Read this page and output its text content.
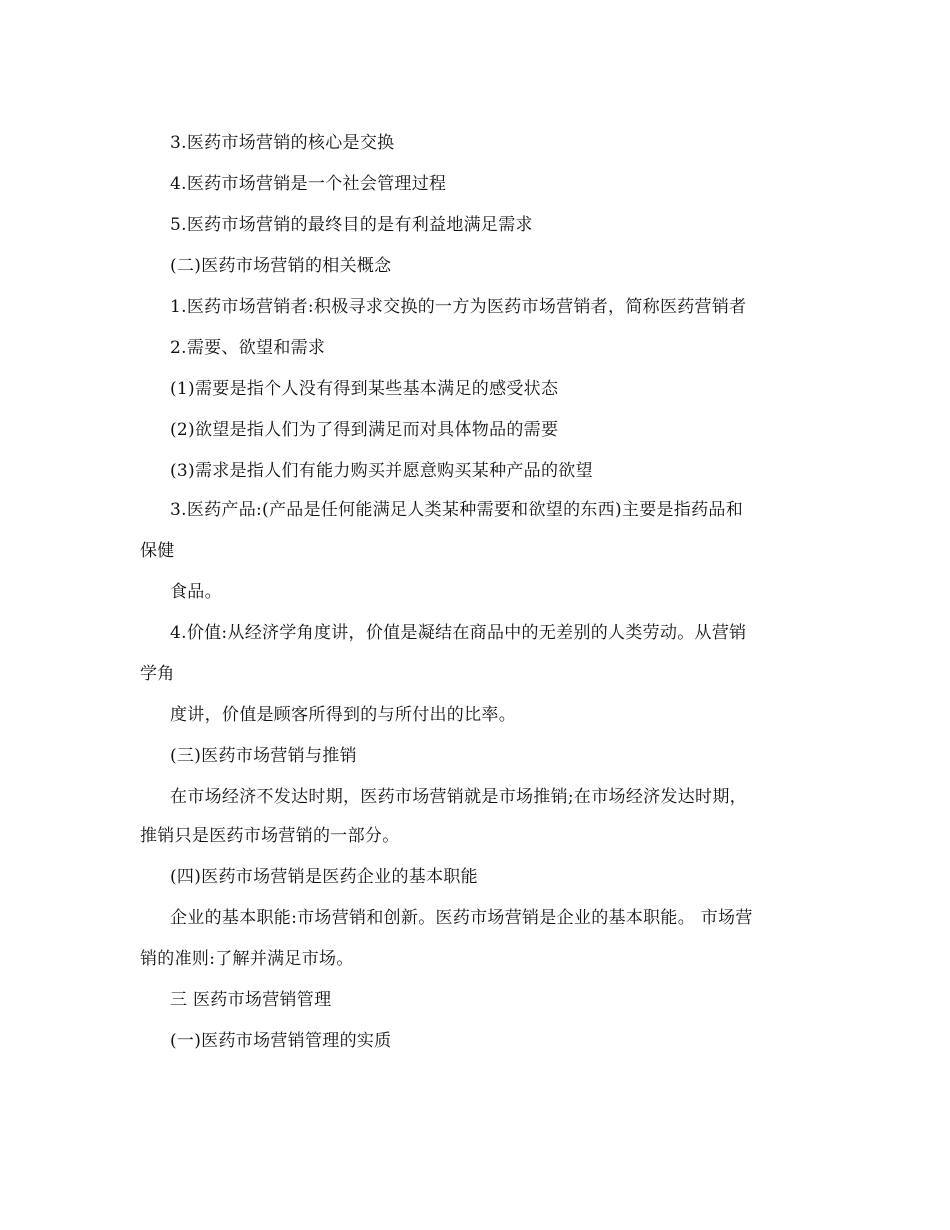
3.医药市场营销的核心是交换
4.医药市场营销是一个社会管理过程
5.医药市场营销的最终目的是有利益地满足需求
(二)医药市场营销的相关概念
1.医药市场营销者:积极寻求交换的一方为医药市场营销者，简称医药营销者
2.需要、欲望和需求
(1)需要是指个人没有得到某些基本满足的感受状态
(2)欲望是指人们为了得到满足而对具体物品的需要
(3)需求是指人们有能力购买并愿意购买某种产品的欲望
3.医药产品:(产品是任何能满足人类某种需要和欲望的东西)主要是指药品和
保健
食品。
4.价值:从经济学角度讲，价值是凝结在商品中的无差别的人类劳动。从营销
学角
度讲，价值是顾客所得到的与所付出的比率。
(三)医药市场营销与推销
在市场经济不发达时期，医药市场营销就是市场推销;在市场经济发达时期，
推销只是医药市场营销的一部分。
(四)医药市场营销是医药企业的基本职能
企业的基本职能:市场营销和创新。医药市场营销是企业的基本职能。 市场营
销的准则:了解并满足市场。
三 医药市场营销管理
(一)医药市场营销管理的实质
